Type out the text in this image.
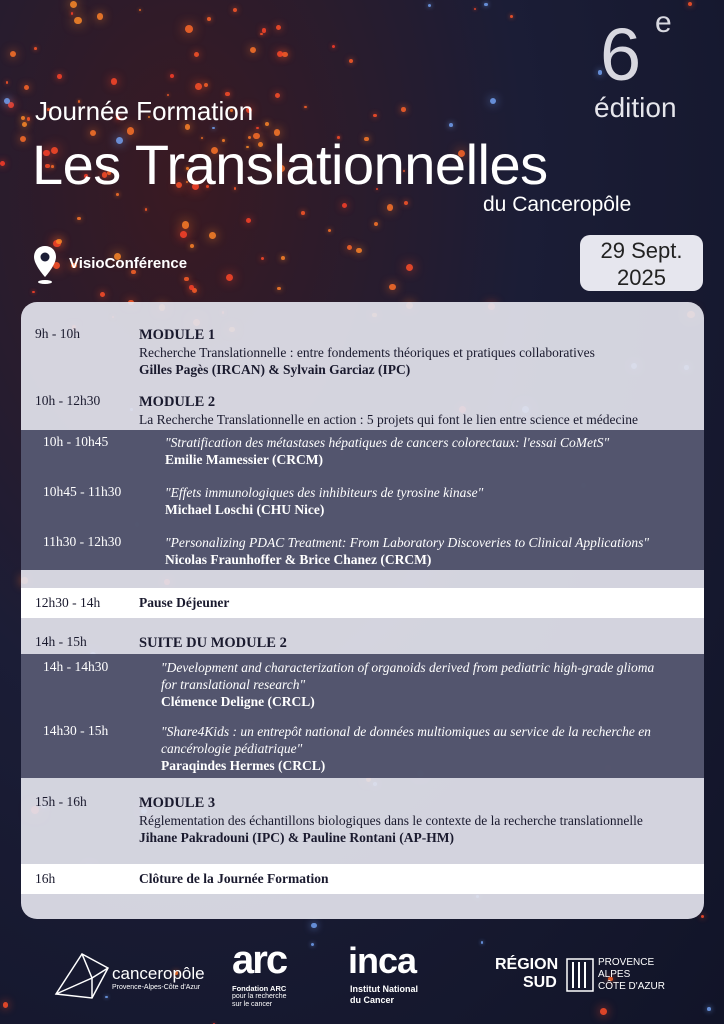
6 e
édition
Journée Formation
Les Translationnelles
du Canceropôle
VisioConférence
29 Sept.
2025
9h - 10h	MODULE 1
Recherche Translationnelle : entre fondements théoriques et pratiques collaboratives
Gilles Pagès (IRCAN) & Sylvain Garciaz (IPC)
10h - 12h30	MODULE 2
La Recherche Translationnelle en action : 5 projets qui font le lien entre science et médecine
10h - 10h45	"Stratification des métastases hépatiques de cancers colorectaux: l'essai CoMetS"
Emilie Mamessier (CRCM)
10h45 - 11h30	"Effets immunologiques des inhibiteurs de tyrosine kinase"
Michael Loschi (CHU Nice)
11h30 - 12h30	"Personalizing PDAC Treatment: From Laboratory Discoveries to Clinical Applications"
Nicolas Fraunhoffer & Brice Chanez (CRCM)
12h30 - 14h	Pause Déjeuner
14h - 15h	SUITE DU MODULE 2
14h - 14h30	"Development and characterization of organoids derived from pediatric high-grade glioma
for translational research"
Clémence Deligne (CRCL)
14h30 - 15h	"Share4Kids : un entrepôt national de données multiomiques au service de la recherche en
cancérologie pédiatrique"
Paraqindes Hermes (CRCL)
15h - 16h	MODULE 3
Réglementation des échantillons biologiques dans le contexte de la recherche translationnelle
Jihane Pakradouni (IPC) & Pauline Rontani (AP-HM)
16h	Clôture de la Journée Formation
canceropôle
Provence-Alpes-Côte d'Azur
arc
Fondation ARC
pour la recherche
sur le cancer
inca
Institut National
du Cancer
RÉGION
SUD
PROVENCE
ALPES
CÔTE D'AZUR
